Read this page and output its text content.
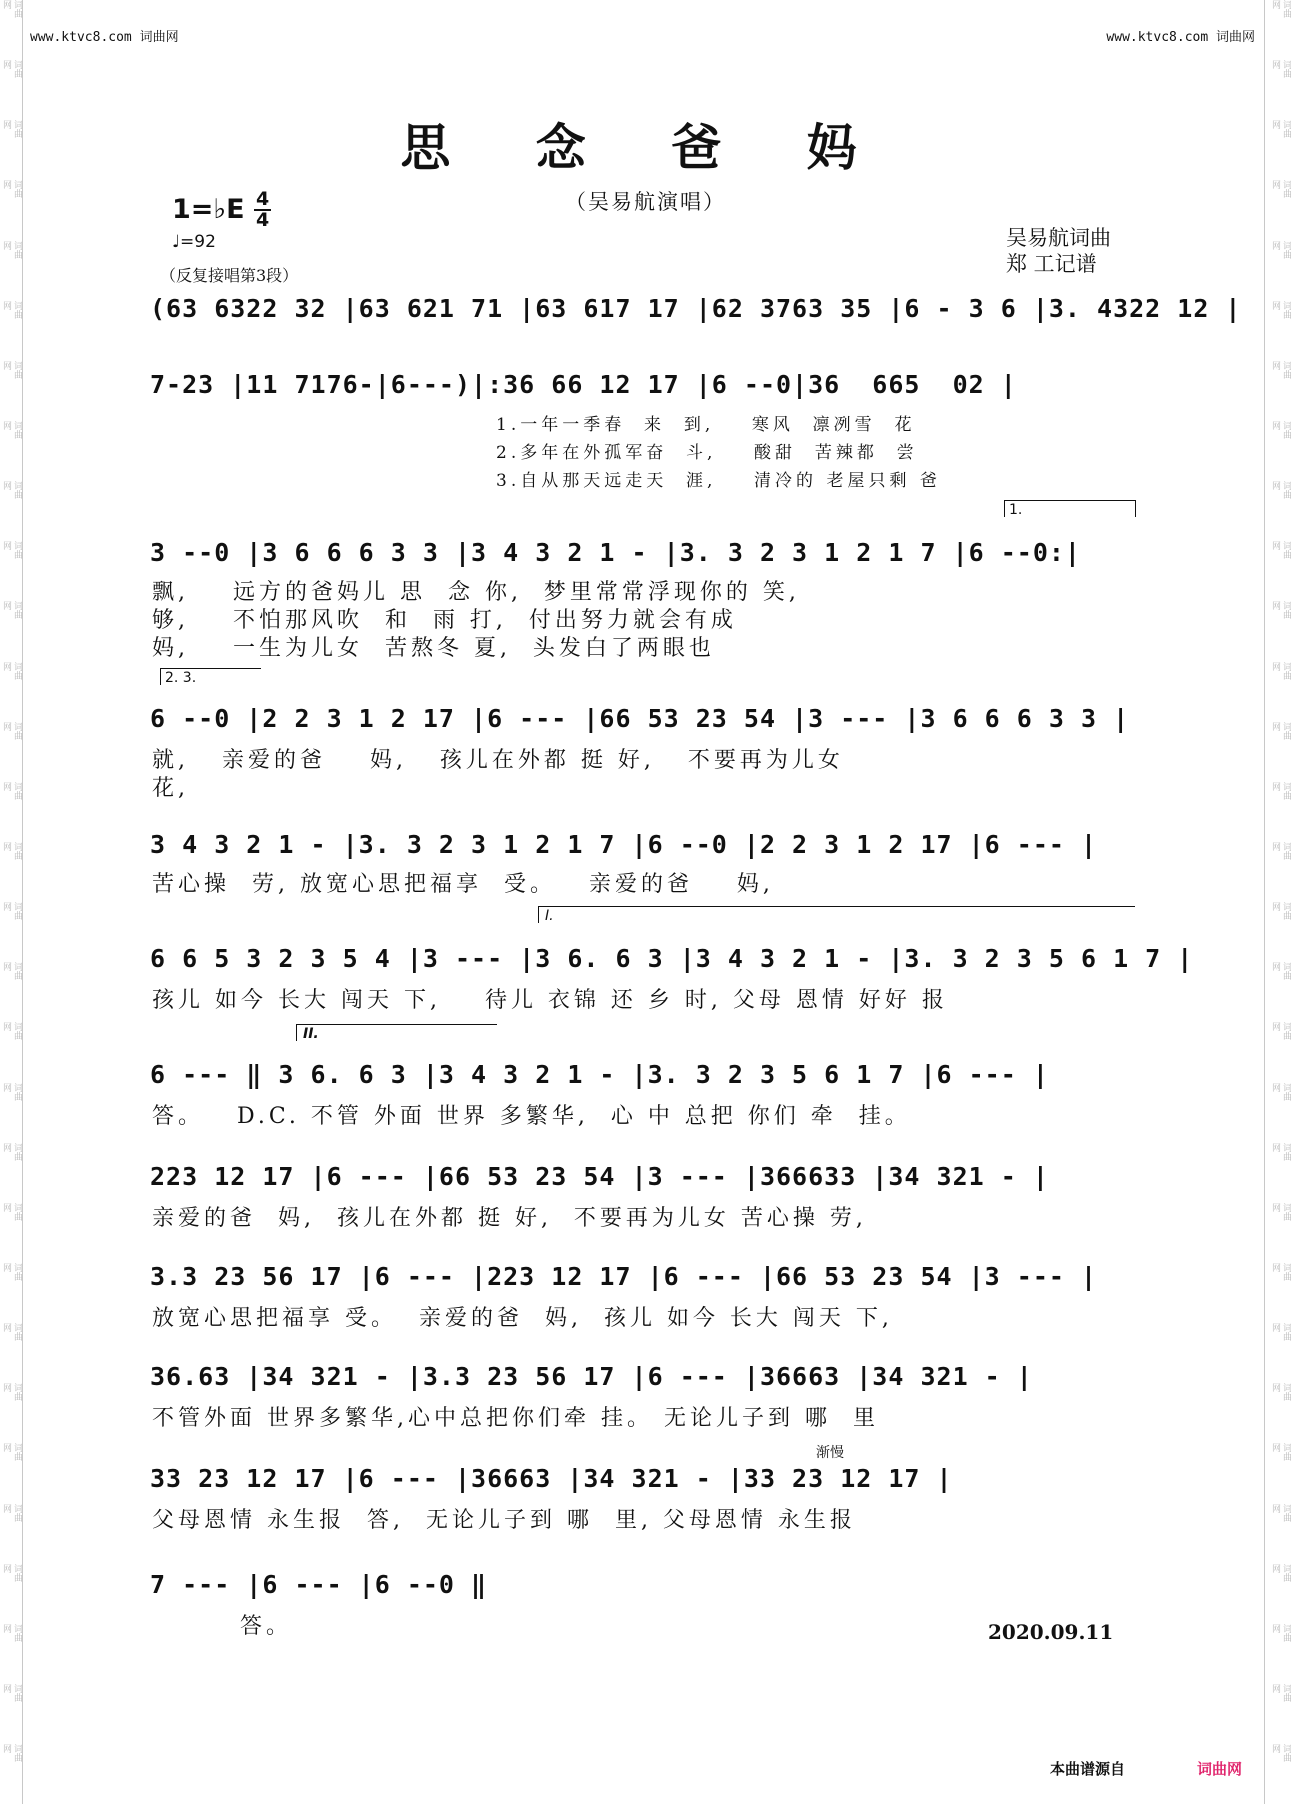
词曲网
词曲网
词曲网
词曲网
词曲网
词曲网
词曲网
词曲网
词曲网
词曲网
词曲网
词曲网
词曲网
词曲网
词曲网
词曲网
词曲网
词曲网
词曲网
词曲网
词曲网
词曲网
词曲网
词曲网
词曲网
词曲网
词曲网
词曲网
词曲网
词曲网
词曲网
词曲网
词曲网
词曲网
词曲网
词曲网
词曲网
词曲网
词曲网
词曲网
词曲网
词曲网
词曲网
词曲网
词曲网
词曲网
词曲网
词曲网
词曲网
词曲网
词曲网
词曲网
词曲网
词曲网
词曲网
词曲网
词曲网
词曲网
词曲网
词曲网
www.ktvc8.com 词曲网	www.ktvc8.com 词曲网
思 念 爸 妈
（吴易航演唱）
1=♭E 4
4
♩=92
（反复接唱第3段）
吴易航词曲
郑 工记谱
(63 6322 32 |63 621 71 |63 617 17 |62 3763 35 |6 - 3 6 |3. 4322 12 |
7-23 |11 7176-|6---)|:36 66 12 17 |6 --0|36  665  02 |
1.一年一季春  来  到,    寒风  凛冽雪  花
2.多年在外孤军奋  斗,    酸甜  苦辣都  尝
3.自从那天远走天  涯,    清冷的 老屋只剩 爸
1.
3 --0 |3 6 6 6 3 3 |3 4 3 2 1 - |3. 3 2 3 1 2 1 7 |6 --0:|
飘,    远方的爸妈儿 思  念 你,  梦里常常浮现你的 笑,
够,    不怕那风吹  和  雨 打,  付出努力就会有成
妈,    一生为儿女  苦熬冬 夏,  头发白了两眼也
2. 3.
6 --0 |2 2 3 1 2 17 |6 --- |66 53 23 54 |3 --- |3 6 6 6 3 3 |
就,   亲爱的爸    妈,   孩儿在外都 挺 好,   不要再为儿女
花,
3 4 3 2 1 - |3. 3 2 3 1 2 1 7 |6 --0 |2 2 3 1 2 17 |6 --- |
苦心操  劳, 放宽心思把福享  受。   亲爱的爸    妈,
I.
6 6 5 3 2 3 5 4 |3 --- |3 6. 6 3 |3 4 3 2 1 - |3. 3 2 3 5 6 1 7 |
孩儿 如今 长大 闯天 下,    待儿 衣锦 还 乡 时, 父母 恩情 好好 报
II.
6 --- ‖ 3 6. 6 3 |3 4 3 2 1 - |3. 3 2 3 5 6 1 7 |6 --- |
答。   D.C. 不管 外面 世界 多繁华,  心 中 总把 你们 牵  挂。
223 12 17 |6 --- |66 53 23 54 |3 --- |366633 |34 321 - |
亲爱的爸  妈,  孩儿在外都 挺 好,  不要再为儿女 苦心操 劳,
3.3 23 56 17 |6 --- |223 12 17 |6 --- |66 53 23 54 |3 --- |
放宽心思把福享 受。  亲爱的爸  妈,  孩儿 如今 长大 闯天 下,
36.63 |34 321 - |3.3 23 56 17 |6 --- |36663 |34 321 - |
不管外面 世界多繁华,心中总把你们牵 挂。 无论儿子到 哪  里
渐慢
33 23 12 17 |6 --- |36663 |34 321 - |33 23 12 17 |
父母恩情 永生报  答,  无论儿子到 哪  里, 父母恩情 永生报
7 --- |6 --- |6 --0 ‖
答。	2020.09.11
本曲谱源自	词曲网
